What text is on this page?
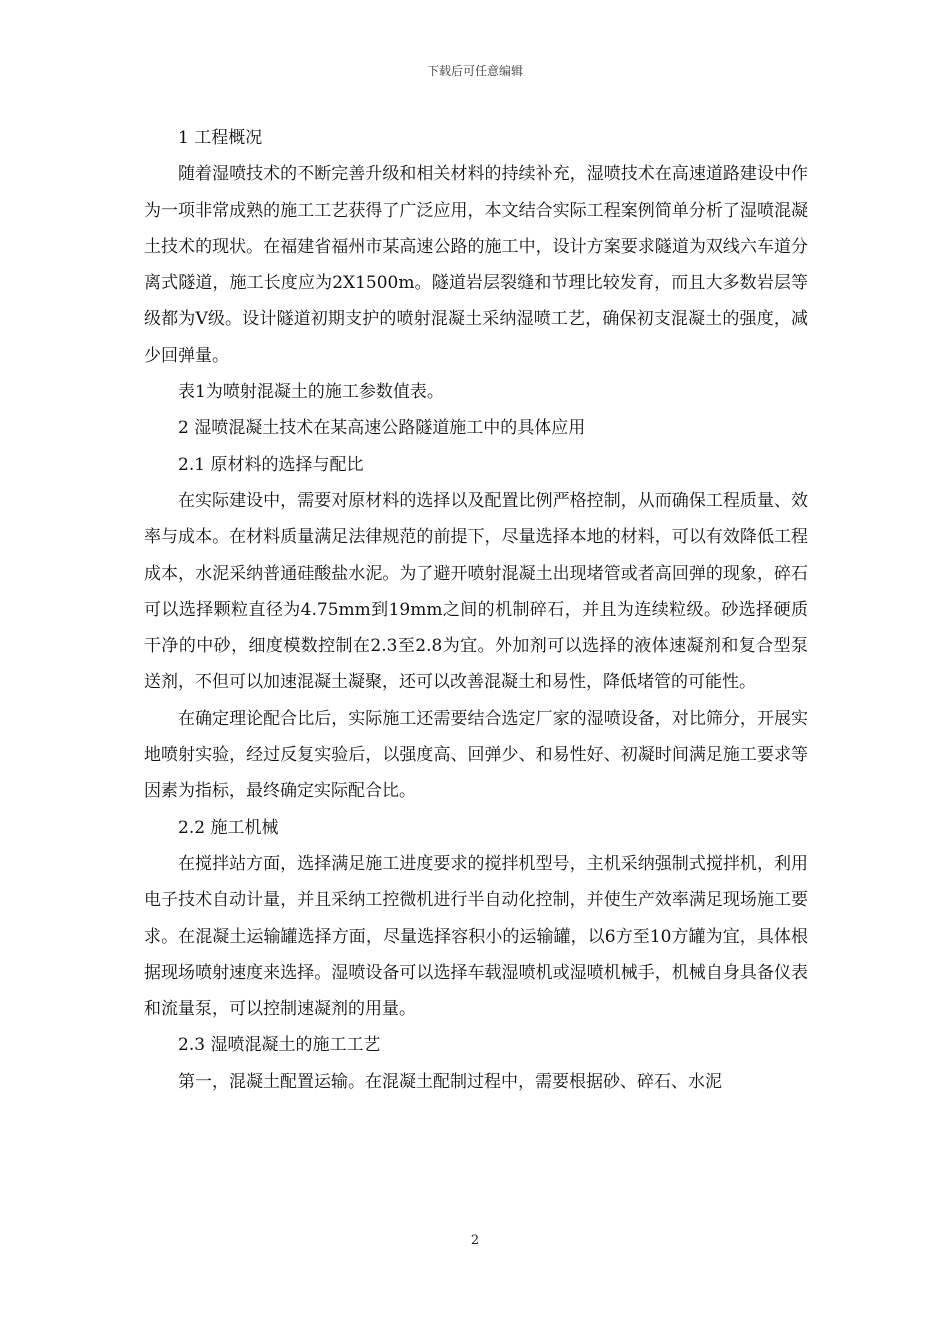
下载后可任意编辑

1 工程概况

随着湿喷技术的不断完善升级和相关材料的持续补充，湿喷技术在高速道路建设中作为一项非常成熟的施工工艺获得了广泛应用，本文结合实际工程案例简单分析了湿喷混凝土技术的现状。在福建省福州市某高速公路的施工中，设计方案要求隧道为双线六车道分离式隧道，施工长度应为2X1500m。隧道岩层裂缝和节理比较发育，而且大多数岩层等级都为Ⅴ级。设计隧道初期支护的喷射混凝土采纳湿喷工艺，确保初支混凝土的强度，减少回弹量。

表1为喷射混凝土的施工参数值表。

2 湿喷混凝土技术在某高速公路隧道施工中的具体应用

2.1 原材料的选择与配比

在实际建设中，需要对原材料的选择以及配置比例严格控制，从而确保工程质量、效率与成本。在材料质量满足法律规范的前提下，尽量选择本地的材料，可以有效降低工程成本，水泥采纳普通硅酸盐水泥。为了避开喷射混凝土出现堵管或者高回弹的现象，碎石可以选择颗粒直径为4.75mm到19mm之间的机制碎石，并且为连续粒级。砂选择硬质干净的中砂，细度模数控制在2.3至2.8为宜。外加剂可以选择的液体速凝剂和复合型泵送剂，不但可以加速混凝土凝聚，还可以改善混凝土和易性，降低堵管的可能性。

在确定理论配合比后，实际施工还需要结合选定厂家的湿喷设备，对比筛分，开展实地喷射实验，经过反复实验后，以强度高、回弹少、和易性好、初凝时间满足施工要求等因素为指标，最终确定实际配合比。

2.2 施工机械

在搅拌站方面，选择满足施工进度要求的搅拌机型号，主机采纳强制式搅拌机，利用电子技术自动计量，并且采纳工控微机进行半自动化控制，并使生产效率满足现场施工要求。在混凝土运输罐选择方面，尽量选择容积小的运输罐，以6方至10方罐为宜，具体根据现场喷射速度来选择。湿喷设备可以选择车载湿喷机或湿喷机械手，机械自身具备仪表和流量泵，可以控制速凝剂的用量。

2.3 湿喷混凝土的施工工艺

第一，混凝土配置运输。在混凝土配制过程中，需要根据砂、碎石、水泥

2
